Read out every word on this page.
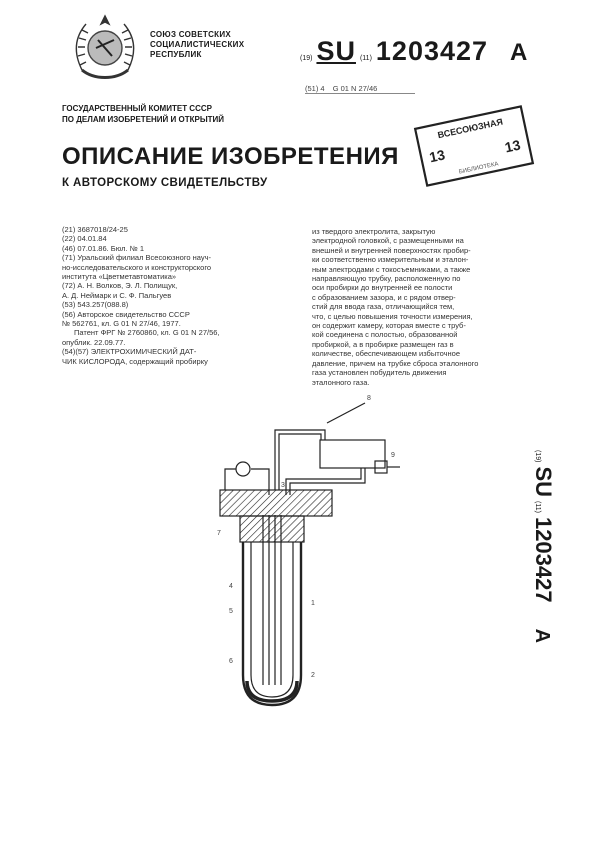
СОЮЗ СОВЕТСКИХ
СОЦИАЛИСТИЧЕСКИХ
РЕСПУБЛИК	(19) SU (11) 1203427 A
(51) 4 G 01 N 27/46
ГОСУДАРСТВЕННЫЙ КОМИТЕТ СССР
ПО ДЕЛАМ ИЗОБРЕТЕНИЙ И ОТКРЫТИЙ	ВСЕСОЮЗНАЯ
13
13
БИБЛИОТЕКА
ОПИСАНИЕ ИЗОБРЕТЕНИЯ
К АВТОРСКОМУ СВИДЕТЕЛЬСТВУ
(21) 3687018/24-25
(22) 04.01.84
(46) 07.01.86. Бюл. № 1
(71) Уральский филиал Всесоюзного науч-
но-исследовательского и конструкторского
института «Цветметавтоматика»
(72) А. Н. Волков, Э. Л. Полищук,
А. Д. Неймарк и С. Ф. Пальгуев
(53) 543.257(088.8)
(56) Авторское свидетельство СССР
№ 562761, кл. G 01 N 27/46, 1977.
Патент ФРГ № 2760860, кл. G 01 N 27/56,
опублик. 22.09.77.
(54)(57) ЭЛЕКТРОХИМИЧЕСКИЙ ДАТ-
ЧИК КИСЛОРОДА, содержащий пробирку
из твердого электролита, закрытую
электродной головкой, с размещенными на
внешней и внутренней поверхностях пробир-
ки соответственно измерительным и эталон-
ным электродами с токосъемниками, а также
направляющую трубку, расположенную по
оси пробирки до внутренней ее полости
с образованием зазора, и с рядом отвер-
стий для ввода газа, отличающийся тем,
что, с целью повышения точности измерения,
он содержит камеру, которая вместе с труб-
кой соединена с полостью, образованной
пробиркой, а в пробирке размещен газ в
количестве, обеспечивающем избыточное
давление, причем на трубке сброса эталонного
газа установлен побудитель движения
эталонного газа.
(19)
SU
(11)
1203427
A
1
2
3
4
5
6
7
8
9
